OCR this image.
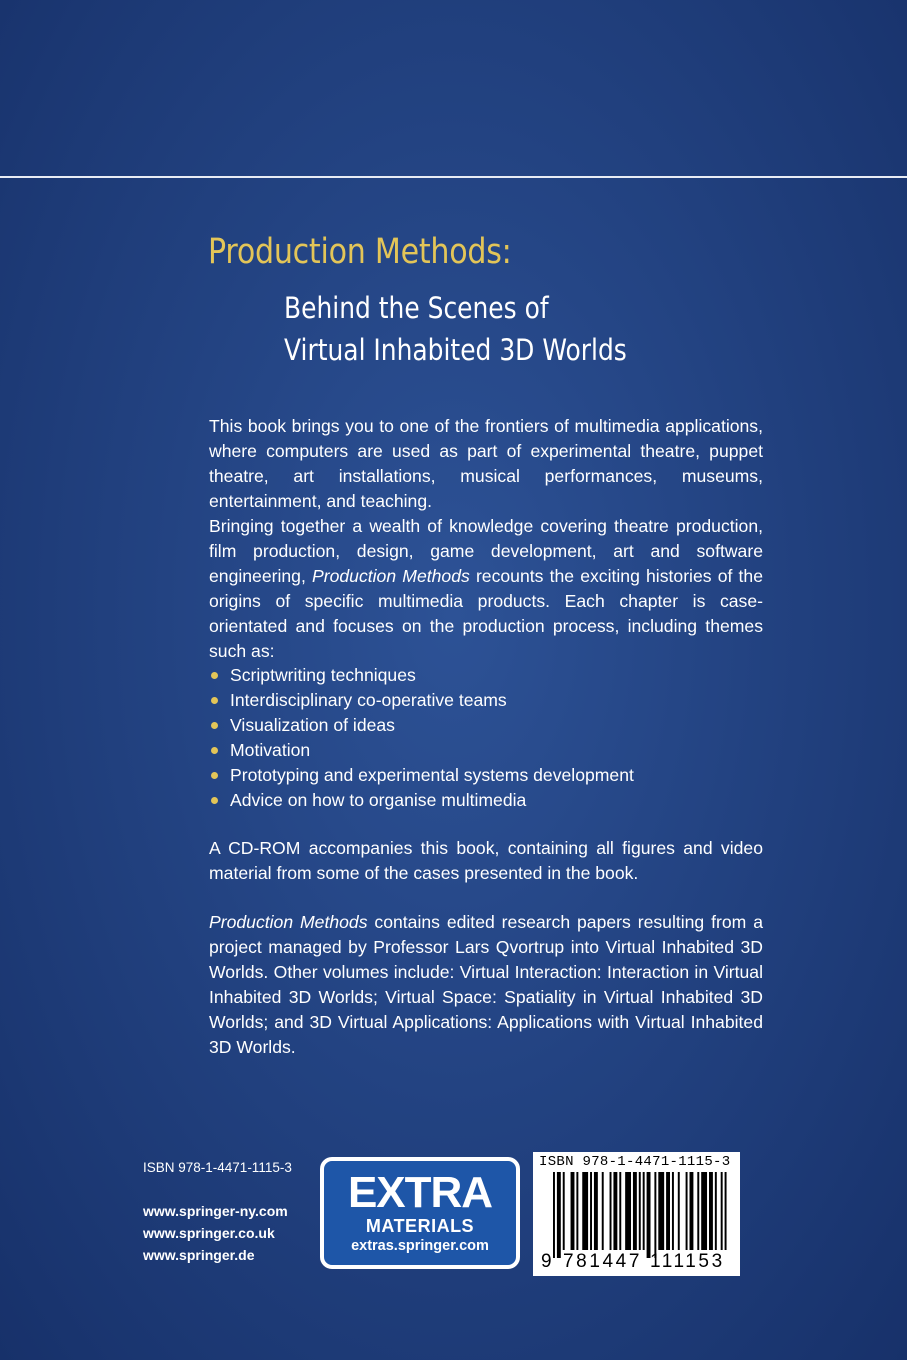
Production Methods:
Behind the Scenes of
Virtual Inhabited 3D Worlds
This book brings you to one of the frontiers of multimedia applications, where computers are used as part of experimental theatre, puppet theatre, art installations, musical performances, museums, entertainment, and teaching.
Bringing together a wealth of knowledge covering theatre production, film production, design, game development, art and software engineering, Production Methods recounts the exciting histories of the origins of specific multimedia products. Each chapter is case-orientated and focuses on the production process, including themes such as:
Scriptwriting techniques
Interdisciplinary co-operative teams
Visualization of ideas
Motivation
Prototyping and experimental systems development
Advice on how to organise multimedia
A CD-ROM accompanies this book, containing all figures and video material from some of the cases presented in the book.
Production Methods contains edited research papers resulting from a project managed by Professor Lars Qvortrup into Virtual Inhabited 3D Worlds. Other volumes include: Virtual Interaction: Interaction in Virtual Inhabited 3D Worlds; Virtual Space: Spatiality in Virtual Inhabited 3D Worlds; and 3D Virtual Applications: Applications with Virtual Inhabited 3D Worlds.
ISBN 978-1-4471-1115-3
www.springer-ny.com
www.springer.co.uk
www.springer.de
EXTRA
MATERIALS
extras.springer.com
ISBN 978-1-4471-1115-3
9 781447 111153
